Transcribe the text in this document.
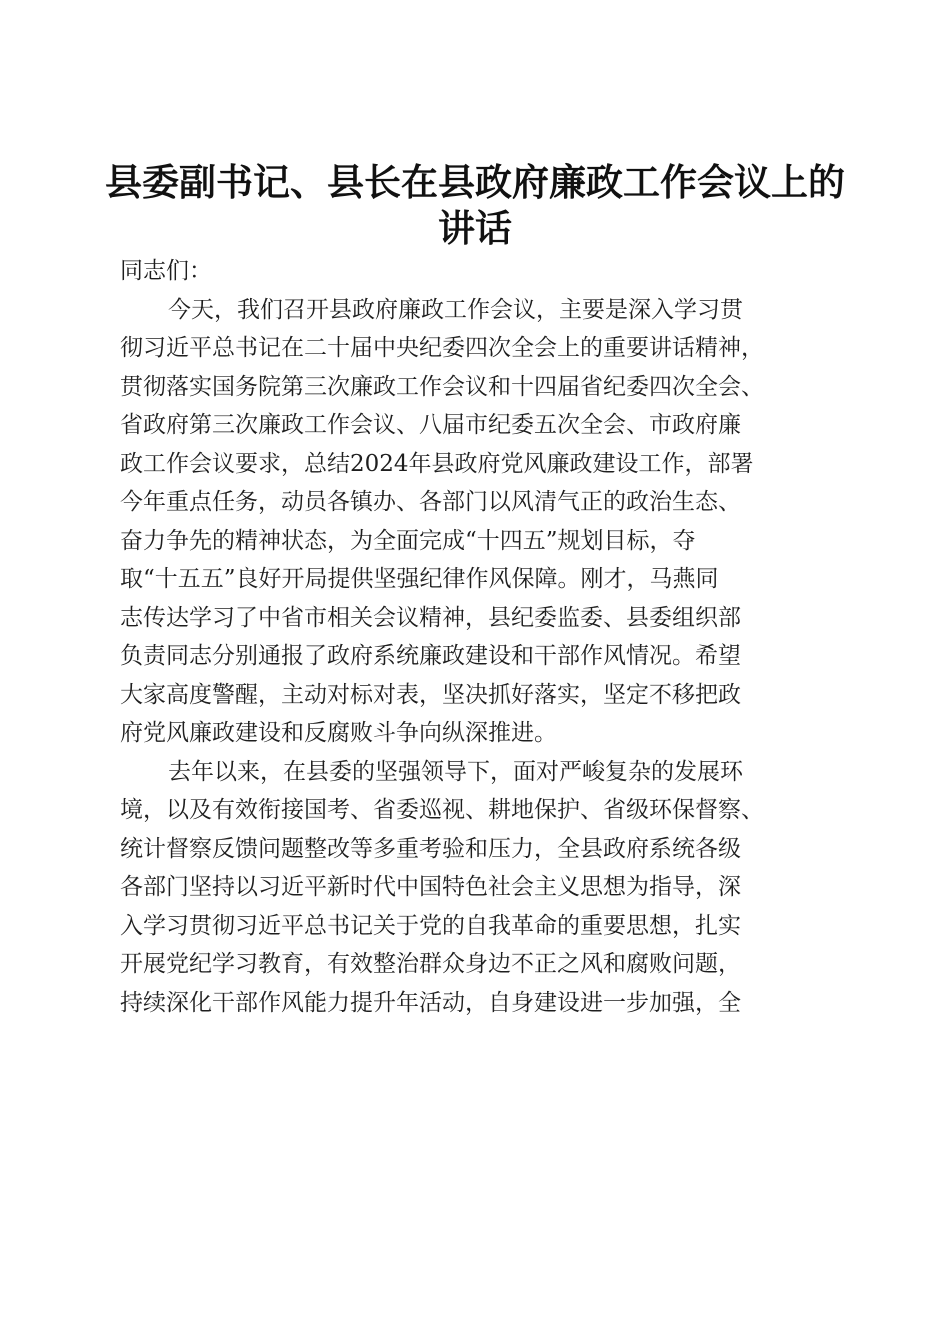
县委副书记、县长在县政府廉政工作会议上的
讲话
同志们：
今天，我们召开县政府廉政工作会议，主要是深入学习贯
彻习近平总书记在二十届中央纪委四次全会上的重要讲话精神，
贯彻落实国务院第三次廉政工作会议和十四届省纪委四次全会、
省政府第三次廉政工作会议、八届市纪委五次全会、市政府廉
政工作会议要求，总结2024年县政府党风廉政建设工作，部署
今年重点任务，动员各镇办、各部门以风清气正的政治生态、
奋力争先的精神状态，为全面完成“十四五”规划目标，夺
取“十五五”良好开局提供坚强纪律作风保障。刚才，马燕同
志传达学习了中省市相关会议精神，县纪委监委、县委组织部
负责同志分别通报了政府系统廉政建设和干部作风情况。希望
大家高度警醒，主动对标对表，坚决抓好落实，坚定不移把政
府党风廉政建设和反腐败斗争向纵深推进。
去年以来，在县委的坚强领导下，面对严峻复杂的发展环
境，以及有效衔接国考、省委巡视、耕地保护、省级环保督察、
统计督察反馈问题整改等多重考验和压力，全县政府系统各级
各部门坚持以习近平新时代中国特色社会主义思想为指导，深
入学习贯彻习近平总书记关于党的自我革命的重要思想，扎实
开展党纪学习教育，有效整治群众身边不正之风和腐败问题，
持续深化干部作风能力提升年活动，自身建设进一步加强，全
